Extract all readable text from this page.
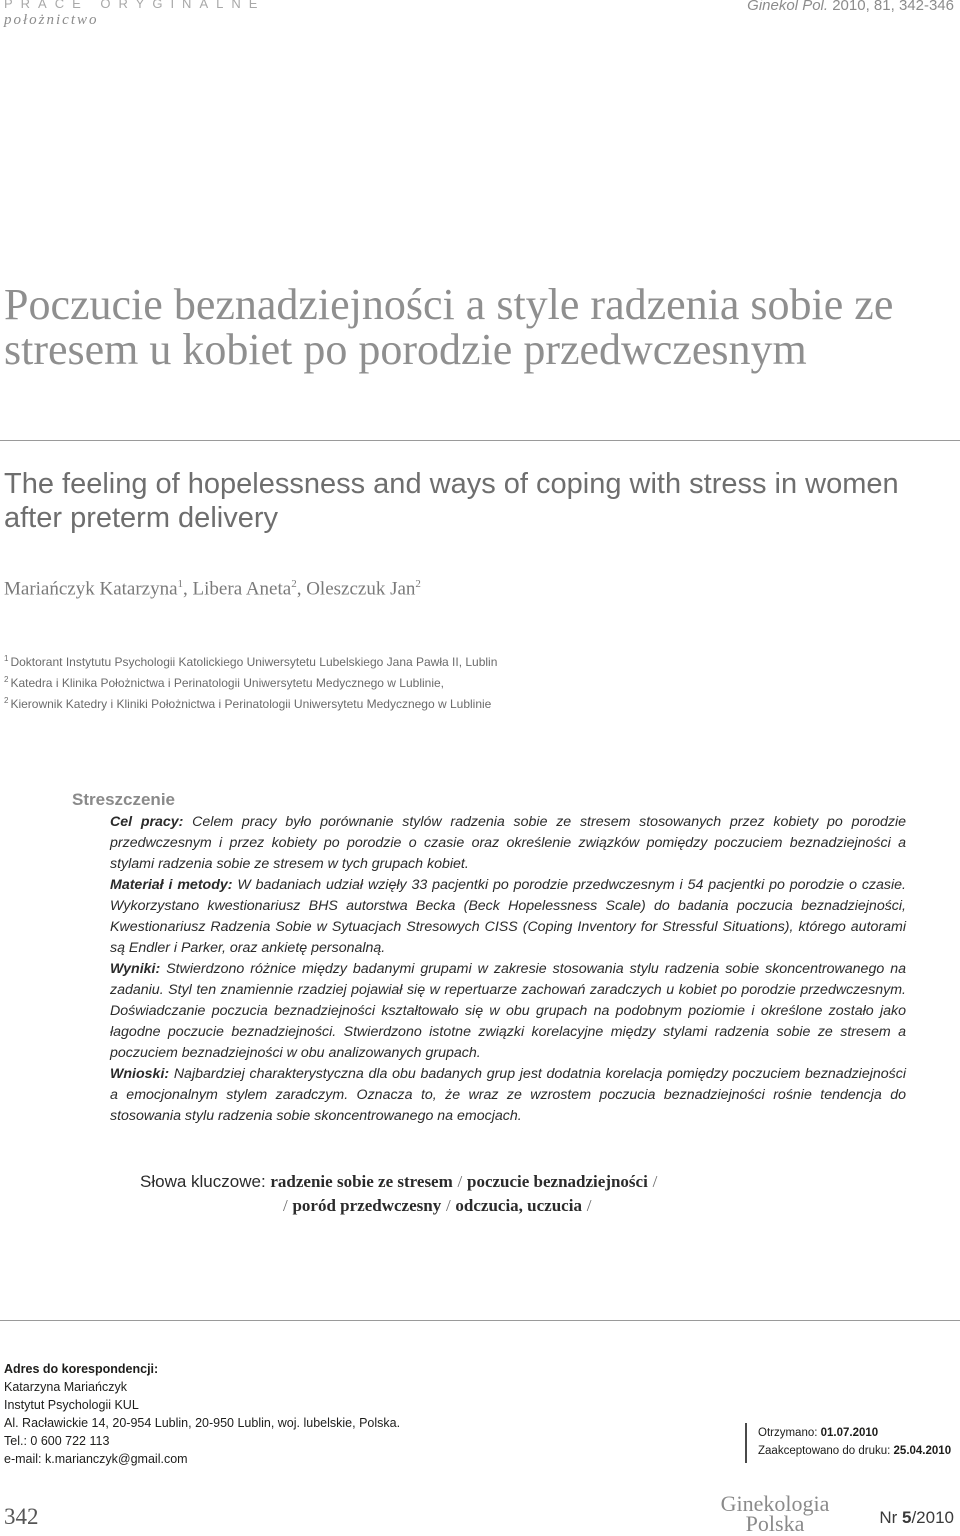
PRACE ORYGINALNE
położnictwo
Ginekol Pol. 2010, 81, 342-346
Poczucie beznadziejności a style radzenia sobie ze stresem u kobiet po porodzie przedwczesnym
The feeling of hopelessness and ways of coping with stress in women after preterm delivery
Mariańczyk Katarzyna$^1$, Libera Aneta$^2$, Oleszczuk Jan$^2$
$^1$ Doktorant Instytutu Psychologii Katolickiego Uniwersytetu Lubelskiego Jana Pawła II, Lublin
$^2$ Katedra i Klinika Położnictwa i Perinatologii Uniwersytetu Medycznego w Lublinie,
$^2$ Kierownik Katedry i Kliniki Położnictwa i Perinatologii Uniwersytetu Medycznego w Lublinie
Streszczenie

Cel pracy: Celem pracy było porównanie stylów radzenia sobie ze stresem stosowanych przez kobiety po porodzie przedwczesnym i przez kobiety po porodzie o czasie oraz określenie związków pomiędzy poczuciem beznadziejności a stylami radzenia sobie ze stresem w tych grupach kobiet.

Materiał i metody: W badaniach udział wzięły 33 pacjentki po porodzie przedwczesnym i 54 pacjentki po porodzie o czasie. Wykorzystano kwestionariusz BHS autorstwa Becka (Beck Hopelessness Scale) do badania poczucia beznadziejności, Kwestionariusz Radzenia Sobie w Sytuacjach Stresowych CISS (Coping Inventory for Stressful Situations), którego autorami są Endler i Parker, oraz ankietę personalną.

Wyniki: Stwierdzono różnice między badanymi grupami w zakresie stosowania stylu radzenia sobie skoncentrowanego na zadaniu. Styl ten znamiennie rzadziej pojawiał się w repertuarze zachowań zaradczych u kobiet po porodzie przedwczesnym. Doświadczanie poczucia beznadziejności kształtowało się w obu grupach na podobnym poziomie i określone zostało jako łagodne poczucie beznadziejności. Stwierdzono istotne związki korelacyjne między stylami radzenia sobie ze stresem a poczuciem beznadziejności w obu analizowanych grupach.

Wnioski: Najbardziej charakterystyczna dla obu badanych grup jest dodatnia korelacja pomiędzy poczuciem beznadziejności a emocjonalnym stylem zaradczym. Oznacza to, że wraz ze wzrostem poczucia beznadziejności rośnie tendencja do stosowania stylu radzenia sobie skoncentrowanego na emocjach.

Słowa kluczowe: radzenie sobie ze stresem / poczucie beznadziejności /
/ poród przedwczesny / odczucia, uczucia /
Adres do korespondencji:
Katarzyna Mariańczyk
Instytut Psychologii KUL
Al. Racławickie 14, 20-954 Lublin, 20-950 Lublin, woj. lubelskie, Polska.
Tel.: 0 600 722 113
e-mail: k.marianczyk@gmail.com
Otrzymano: 01.07.2010
Zaakceptowano do druku: 25.04.2010
342
Ginekologia
Polska	Nr 5/2010
